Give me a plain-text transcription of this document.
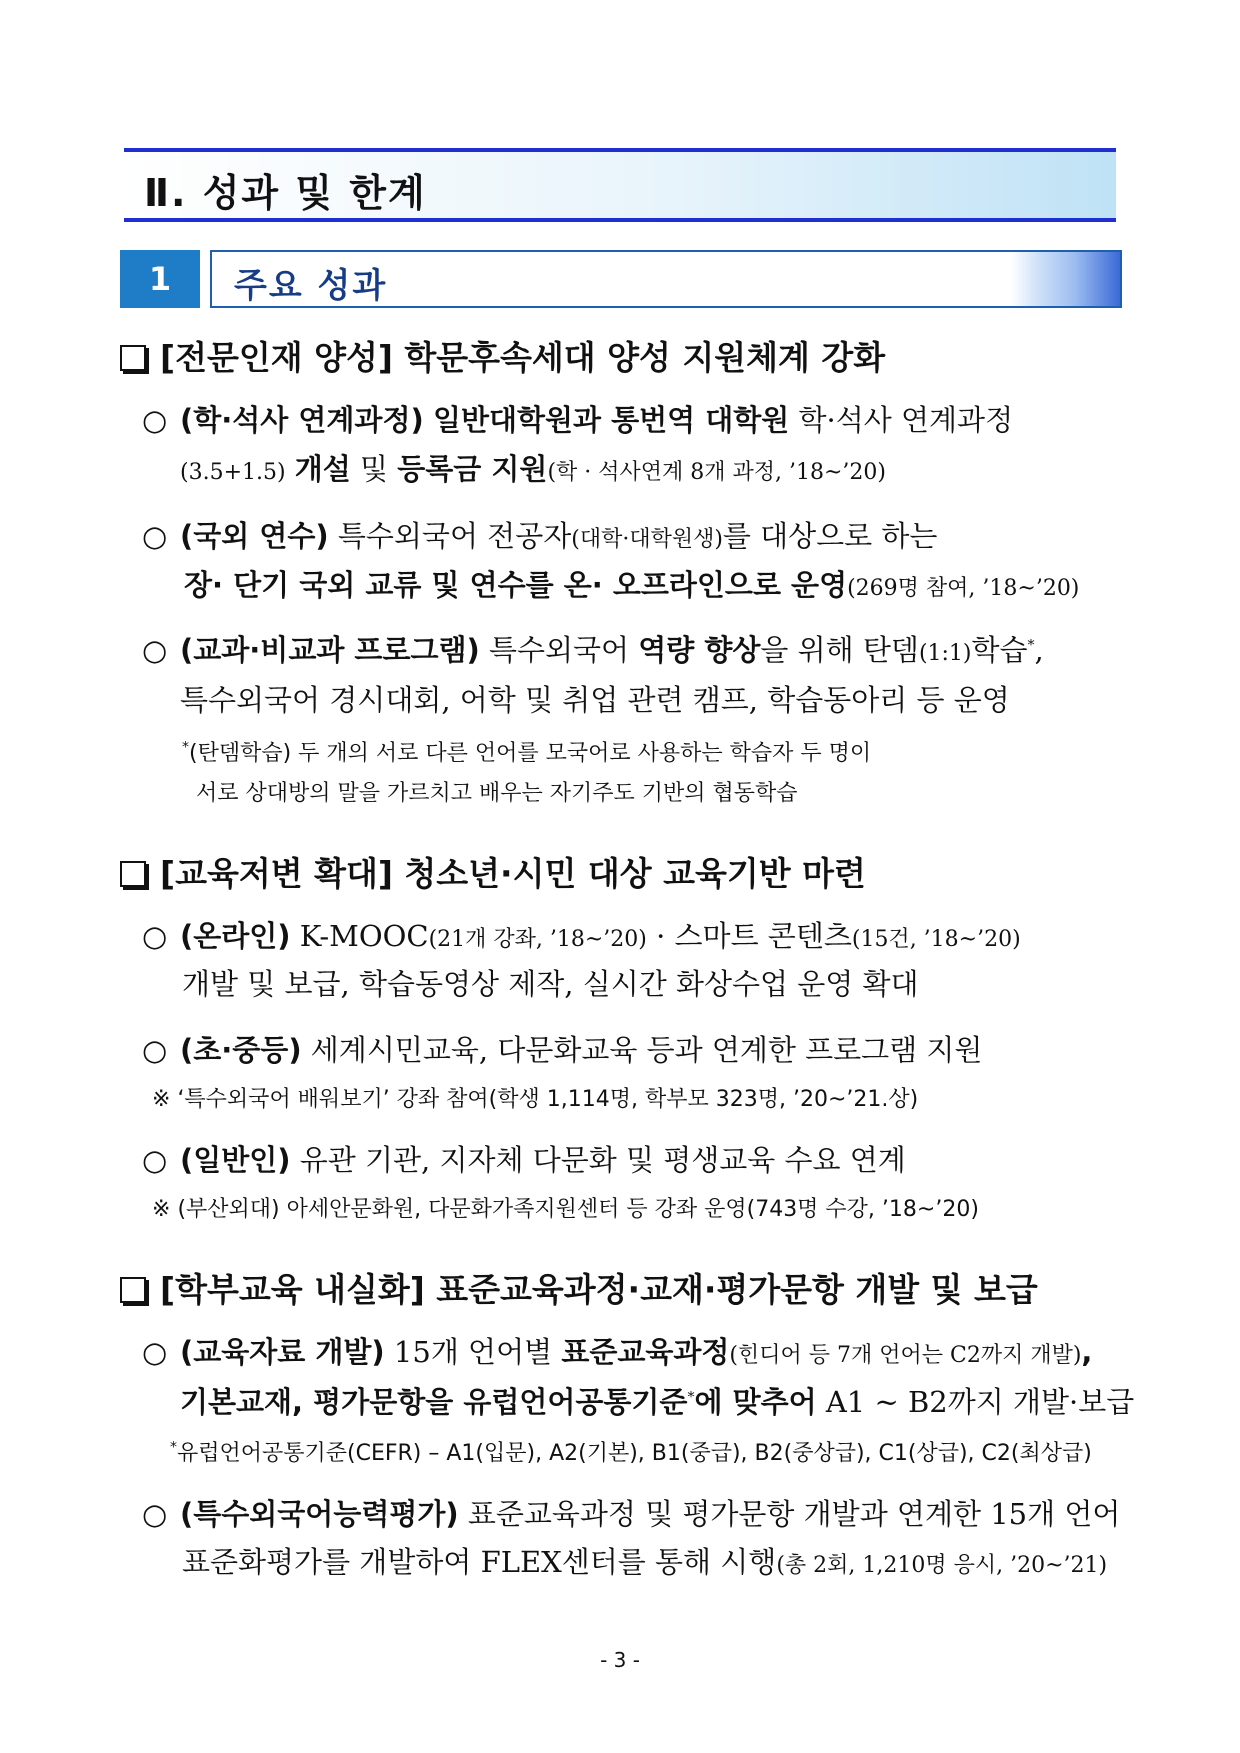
Ⅱ. 성과 및 한계
1	주요 성과
[전문인재 양성] 학문후속세대 양성 지원체계 강화
○ (학·석사 연계과정) 일반대학원과 통번역 대학원 학·석사 연계과정
(3.5+1.5) 개설 및 등록금 지원(학 · 석사연계 8개 과정, ’18~’20)
○ (국외 연수) 특수외국어 전공자(대학·대학원생)를 대상으로 하는
장· 단기 국외 교류 및 연수를 온· 오프라인으로 운영(269명 참여, ’18~’20)
○ (교과·비교과 프로그램) 특수외국어 역량 향상을 위해 탄뎀(1:1)학습*,
특수외국어 경시대회, 어학 및 취업 관련 캠프, 학습동아리 등 운영
*(탄뎀학습) 두 개의 서로 다른 언어를 모국어로 사용하는 학습자 두 명이
서로 상대방의 말을 가르치고 배우는 자기주도 기반의 협동학습
[교육저변 확대] 청소년·시민 대상 교육기반 마련
○ (온라인) K-MOOC(21개 강좌, ’18~’20) · 스마트 콘텐츠(15건, ’18~’20)
개발 및 보급, 학습동영상 제작, 실시간 화상수업 운영 확대
○ (초·중등) 세계시민교육, 다문화교육 등과 연계한 프로그램 지원
※ ‘특수외국어 배워보기’ 강좌 참여(학생 1,114명, 학부모 323명, ’20~’21.상)
○ (일반인) 유관 기관, 지자체 다문화 및 평생교육 수요 연계
※ (부산외대) 아세안문화원, 다문화가족지원센터 등 강좌 운영(743명 수강, ’18~’20)
[학부교육 내실화] 표준교육과정·교재·평가문항 개발 및 보급
○ (교육자료 개발) 15개 언어별 표준교육과정(힌디어 등 7개 언어는 C2까지 개발),
기본교재, 평가문항을 유럽언어공통기준*에 맞추어 A1 ~ B2까지 개발·보급
*유럽언어공통기준(CEFR) – A1(입문), A2(기본), B1(중급), B2(중상급), C1(상급), C2(최상급)
○ (특수외국어능력평가) 표준교육과정 및 평가문항 개발과 연계한 15개 언어
표준화평가를 개발하여 FLEX센터를 통해 시행(총 2회, 1,210명 응시, ’20~’21)
- 3 -
